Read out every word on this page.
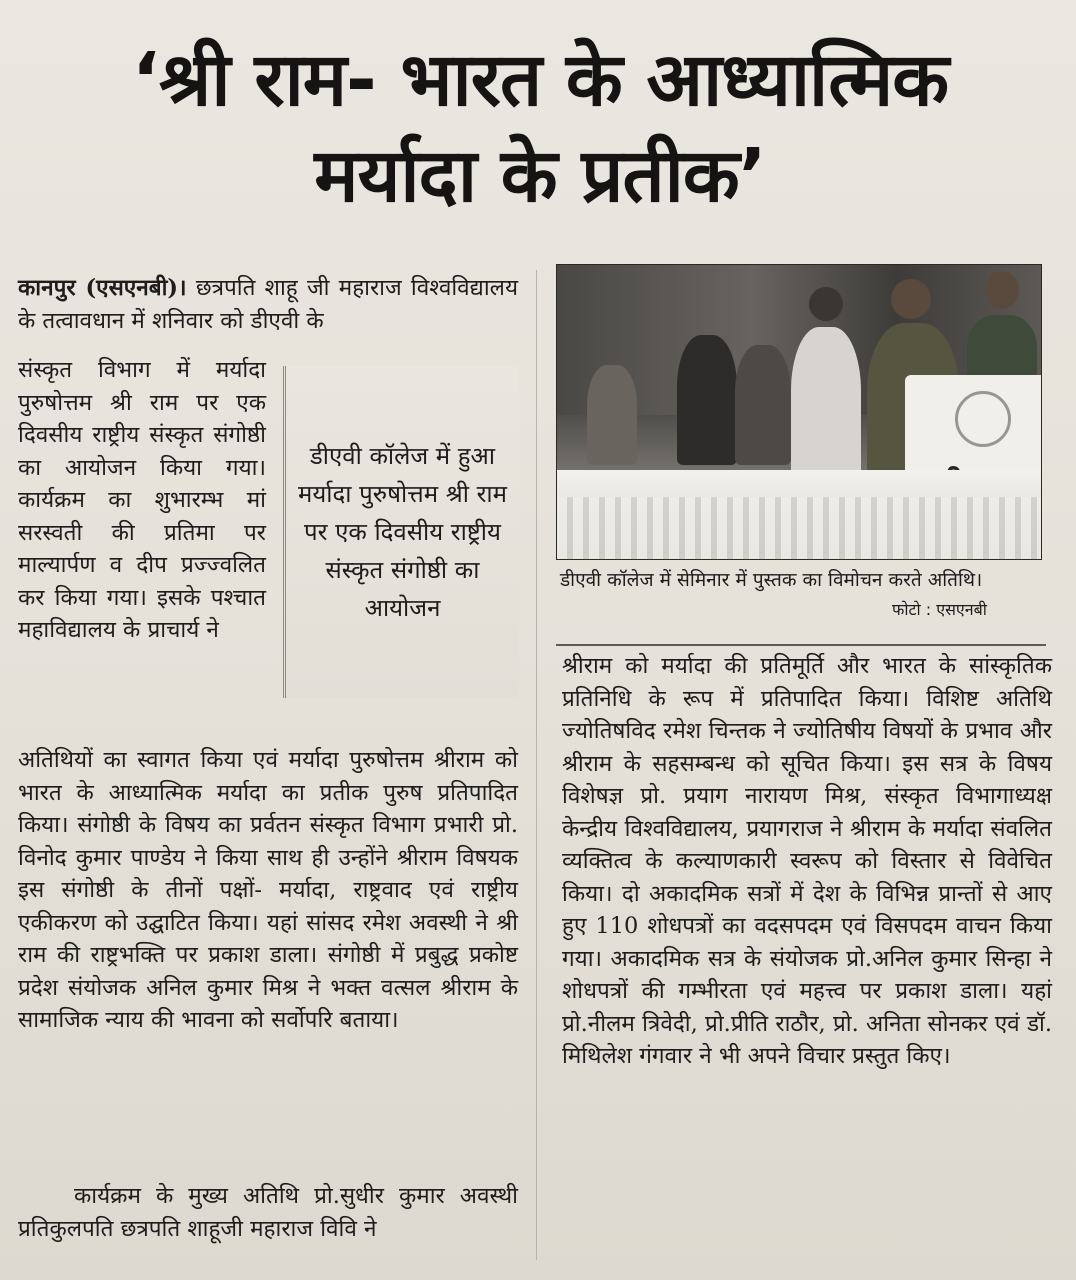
‘श्री राम- भारत के आध्यात्मिक
मर्यादा के प्रतीक’

कानपुर (एसएनबी)। छत्रपति शाहू जी महाराज विश्वविद्यालय के तत्वावधान में शनिवार को डीएवी के

संस्कृत विभाग में मर्यादा पुरुषोत्तम श्री राम पर एक दिवसीय राष्ट्रीय संस्कृत संगोष्ठी का आयोजन किया गया। कार्यक्रम का शुभारम्भ मां सरस्वती की प्रतिमा पर माल्यार्पण व दीप प्रज्ज्वलित कर किया गया। इसके पश्चात महाविद्यालय के प्राचार्य ने

डीएवी कॉलेज में हुआ मर्यादा पुरुषोत्तम श्री राम पर एक दिवसीय राष्ट्रीय संस्कृत संगोष्ठी का आयोजन

अतिथियों का स्वागत किया एवं मर्यादा पुरुषोत्तम श्रीराम को भारत के आध्यात्मिक मर्यादा का प्रतीक पुरुष प्रतिपादित किया। संगोष्ठी के विषय का प्रर्वतन संस्कृत विभाग प्रभारी प्रो. विनोद कुमार पाण्डेय ने किया साथ ही उन्होंने श्रीराम विषयक इस संगोष्ठी के तीनों पक्षों- मर्यादा, राष्ट्रवाद एवं राष्ट्रीय एकीकरण को उद्घाटित किया। यहां सांसद रमेश अवस्थी ने श्री राम की राष्ट्रभक्ति पर प्रकाश डाला। संगोष्ठी में प्रबुद्ध प्रकोष्ट प्रदेश संयोजक अनिल कुमार मिश्र ने भक्त वत्सल श्रीराम के सामाजिक न्याय की भावना को सर्वोपरि बताया।

कार्यक्रम के मुख्य अतिथि प्रो.सुधीर कुमार अवस्थी प्रतिकुलपति छत्रपति शाहूजी महाराज विवि ने

डीएवी कॉलेज में सेमिनार में पुस्तक का विमोचन करते अतिथि।

फोटो : एसएनबी

श्रीराम को मर्यादा की प्रतिमूर्ति और भारत के सांस्कृतिक प्रतिनिधि के रूप में प्रतिपादित किया। विशिष्ट अतिथि ज्योतिषविद रमेश चिन्तक ने ज्योतिषीय विषयों के प्रभाव और श्रीराम के सहसम्बन्ध को सूचित किया। इस सत्र के विषय विशेषज्ञ प्रो. प्रयाग नारायण मिश्र, संस्कृत विभागाध्यक्ष केन्द्रीय विश्वविद्यालय, प्रयागराज ने श्रीराम के मर्यादा संवलित व्यक्तित्व के कल्याणकारी स्वरूप को विस्तार से विवेचित किया। दो अकादमिक सत्रों में देश के विभिन्न प्रान्तों से आए हुए 110 शोधपत्रों का वदसपदम एवं विसपदम वाचन किया गया। अकादमिक सत्र के संयोजक प्रो.अनिल कुमार सिन्हा ने शोधपत्रों की गम्भीरता एवं महत्त्व पर प्रकाश डाला। यहां प्रो.नीलम त्रिवेदी, प्रो.प्रीति राठौर, प्रो. अनिता सोनकर एवं डॉ. मिथिलेश गंगवार ने भी अपने विचार प्रस्तुत किए।
